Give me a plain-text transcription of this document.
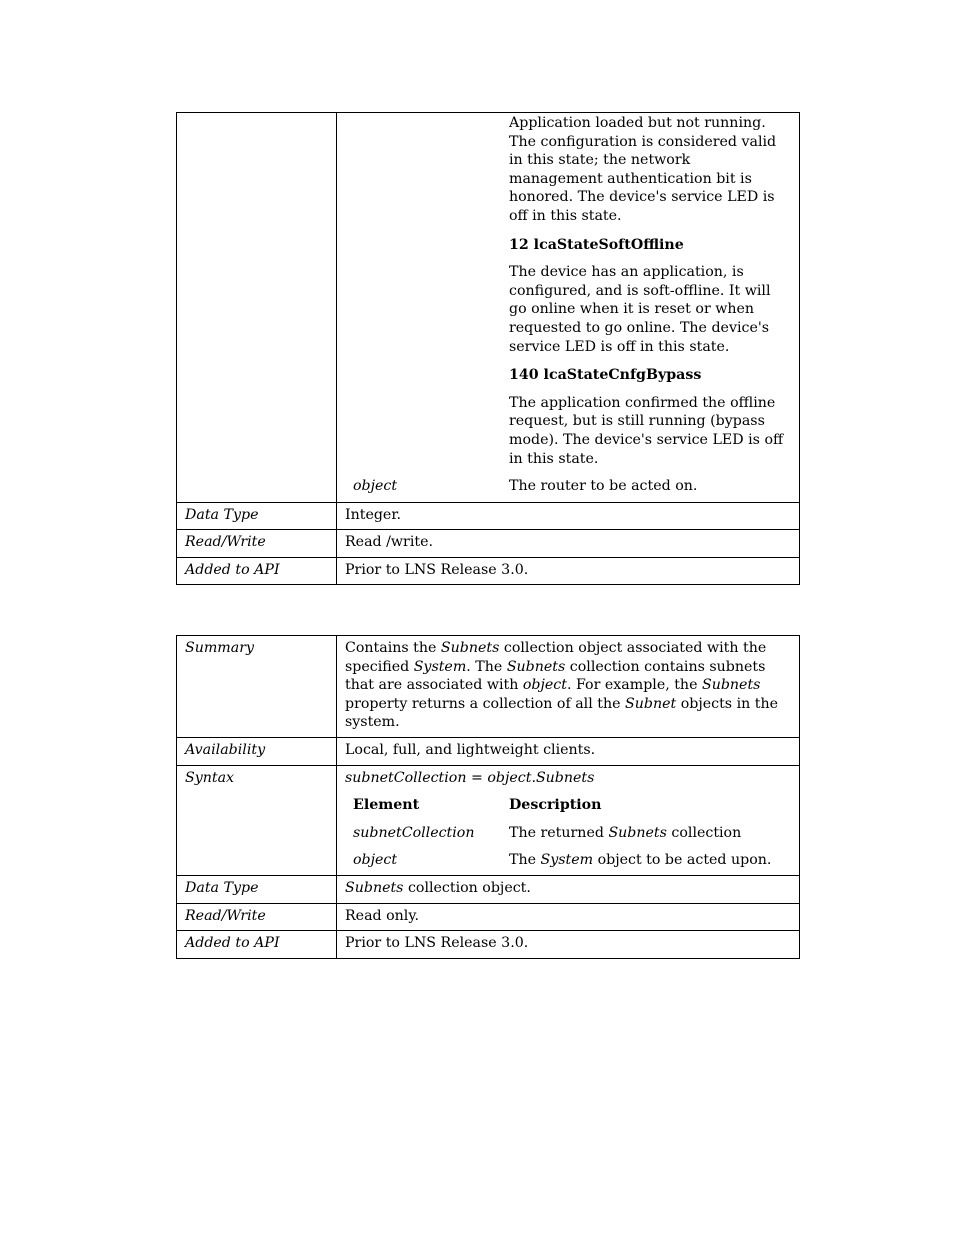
Application loaded but not running. The configuration is considered valid in this state; the network management authentication bit is honored. The device's service LED is off in this state.

12 lcaStateSoftOffline

The device has an application, is configured, and is soft-offline. It will go online when it is reset or when requested to go online. The device's service LED is off in this state.

140 lcaStateCnfgBypass

The application confirmed the offline request, but is still running (bypass mode). The device's service LED is off in this state.

object	The router to be acted on.
Data Type	Integer.
Read/Write	Read /write.
Added to API	Prior to LNS Release 3.0.
Summary	Contains the Subnets collection object associated with the specified System. The Subnets collection contains subnets that are associated with object. For example, the Subnets property returns a collection of all the Subnet objects in the system.
Availability	Local, full, and lightweight clients.
Syntax	subnetCollection = object.Subnets

Element	Description
subnetCollection	The returned Subnets collection
object	The System object to be acted upon.
Data Type	Subnets collection object.
Read/Write	Read only.
Added to API	Prior to LNS Release 3.0.
